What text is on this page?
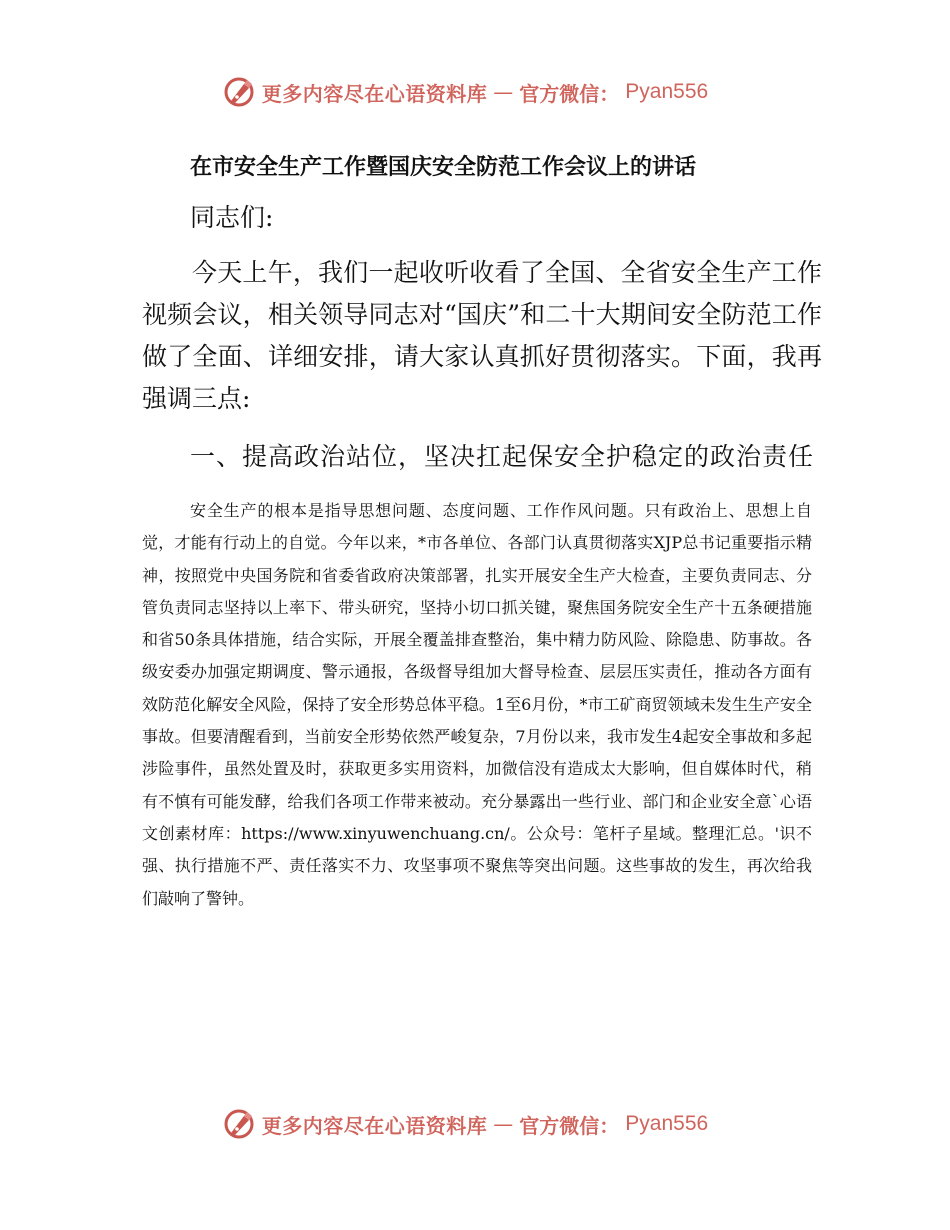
更多内容尽在心语资料库 — 官方微信： Pyan556
在市安全生产工作暨国庆安全防范工作会议上的讲话
同志们:

今天上午，我们一起收听收看了全国、全省安全生产工作视频会议，相关领导同志对“国庆”和二十大期间安全防范工作做了全面、详细安排，请大家认真抓好贯彻落实。下面，我再强调三点:

一、提高政治站位，坚决扛起保安全护稳定的政治责任

安全生产的根本是指导思想问题、态度问题、工作作风问题。只有政治上、思想上自觉，才能有行动上的自觉。今年以来，*市各单位、各部门认真贯彻落实XJP总书记重要指示精神，按照党中央国务院和省委省政府决策部署，扎实开展安全生产大检查，主要负责同志、分管负责同志坚持以上率下、带头研究，坚持小切口抓关键，聚焦国务院安全生产十五条硬措施和省50条具体措施，结合实际，开展全覆盖排查整治，集中精力防风险、除隐患、防事故。各级安委办加强定期调度、警示通报，各级督导组加大督导检查、层层压实责任，推动各方面有效防范化解安全风险，保持了安全形势总体平稳。1至6月份，*市工矿商贸领域未发生生产安全事故。但要清醒看到，当前安全形势依然严峻复杂，7月份以来，我市发生4起安全事故和多起涉险事件，虽然处置及时，获取更多实用资料，加微信没有造成太大影响，但自媒体时代，稍有不慎有可能发酵，给我们各项工作带来被动。充分暴露出一些行业、部门和企业安全意`心语文创素材库：https://www.xinyuwenchuang.cn/。公众号：笔杆子星域。整理汇总。'识不强、执行措施不严、责任落实不力、攻坚事项不聚焦等突出问题。这些事故的发生，再次给我们敲响了警钟。

更多内容尽在心语资料库 — 官方微信： Pyan556
